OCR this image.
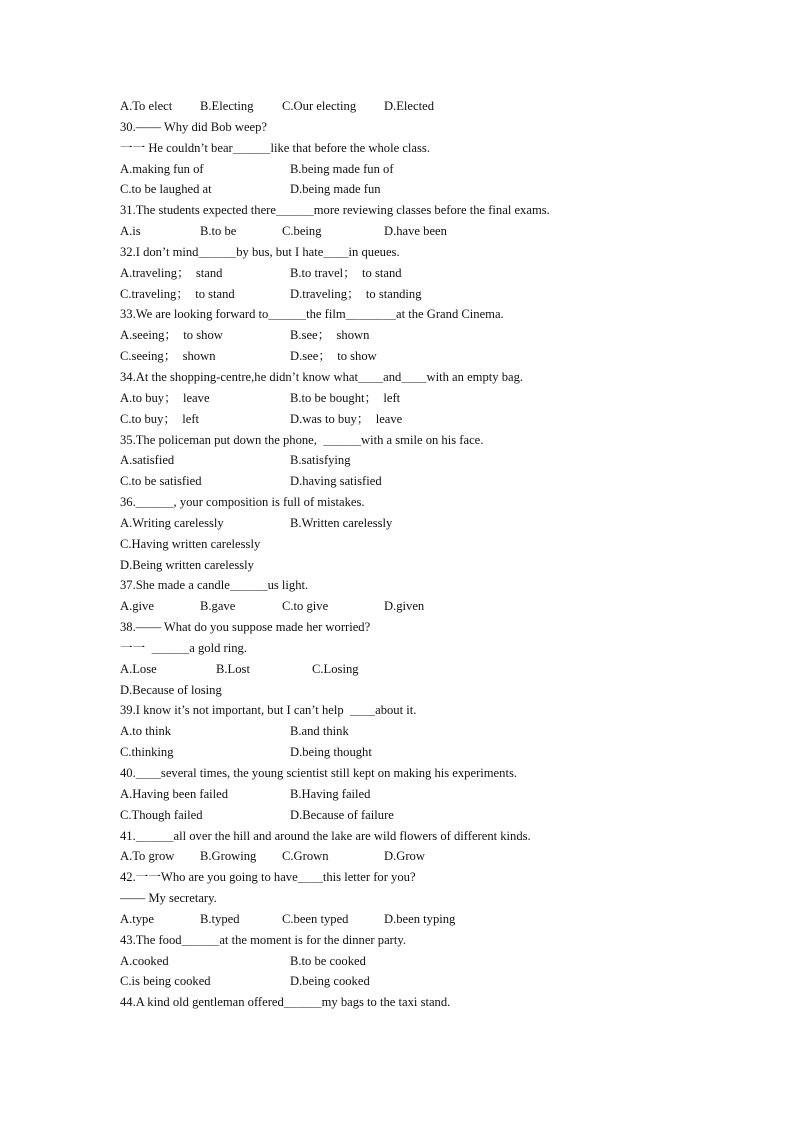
A.To elect B.Electing C.Our electing D.Elected
30.—— Why did Bob weep?
一一 He couldn’t bear＿＿＿like that before the whole class.
A.making fun of	B.being made fun of
C.to be laughed at	D.being made fun
31.The students expected there＿＿＿more reviewing classes before the final exams.
A.is	B.to be	C.being	D.have been
32.I don’t mind＿＿＿by bus, but I hate＿＿in queues.
A.traveling；  stand	B.to travel；  to stand
C.traveling；  to stand	D.traveling；  to standing
33.We are looking forward to＿＿＿the film＿＿＿＿at the Grand Cinema.
A.seeing；  to show	B.see；  shown
C.seeing；  shown	D.see；  to show
34.At the shopping-centre,he didn’t know what＿＿and＿＿with an empty bag.
A.to buy；  leave	B.to be bought；  left
C.to buy；  left	D.was to buy；  leave
35.The policeman put down the phone,  ＿＿＿with a smile on his face.
A.satisfied	B.satisfying
C.to be satisfied	D.having satisfied
36.＿＿＿, your composition is full of mistakes.
A.Writing carelessly	B.Written carelessly
C.Having written carelessly
D.Being written carelessly
37.She made a candle＿＿＿us light.
A.give	B.gave	C.to give	D.given
38.—— What do you suppose made her worried?
一一  ＿＿＿a gold ring.
A.Lose	B.Lost	C.Losing
D.Because of losing
39.I know it’s not important, but I can’t help  ＿＿about it.
A.to think	B.and think
C.thinking	D.being thought
40.＿＿several times, the young scientist still kept on making his experiments.
A.Having been failed	B.Having failed
C.Though failed	D.Because of failure
41.＿＿＿all over the hill and around the lake are wild flowers of different kinds.
A.To grow B.Growing C.Grown	D.Grow
42.一一Who are you going to have＿＿this letter for you?
—— My secretary.
A.type	B.typed	C.been typed	D.been typing
43.The food＿＿＿at the moment is for the dinner party.
A.cooked	B.to be cooked
C.is being cooked	D.being cooked
44.A kind old gentleman offered＿＿＿my bags to the taxi stand.
